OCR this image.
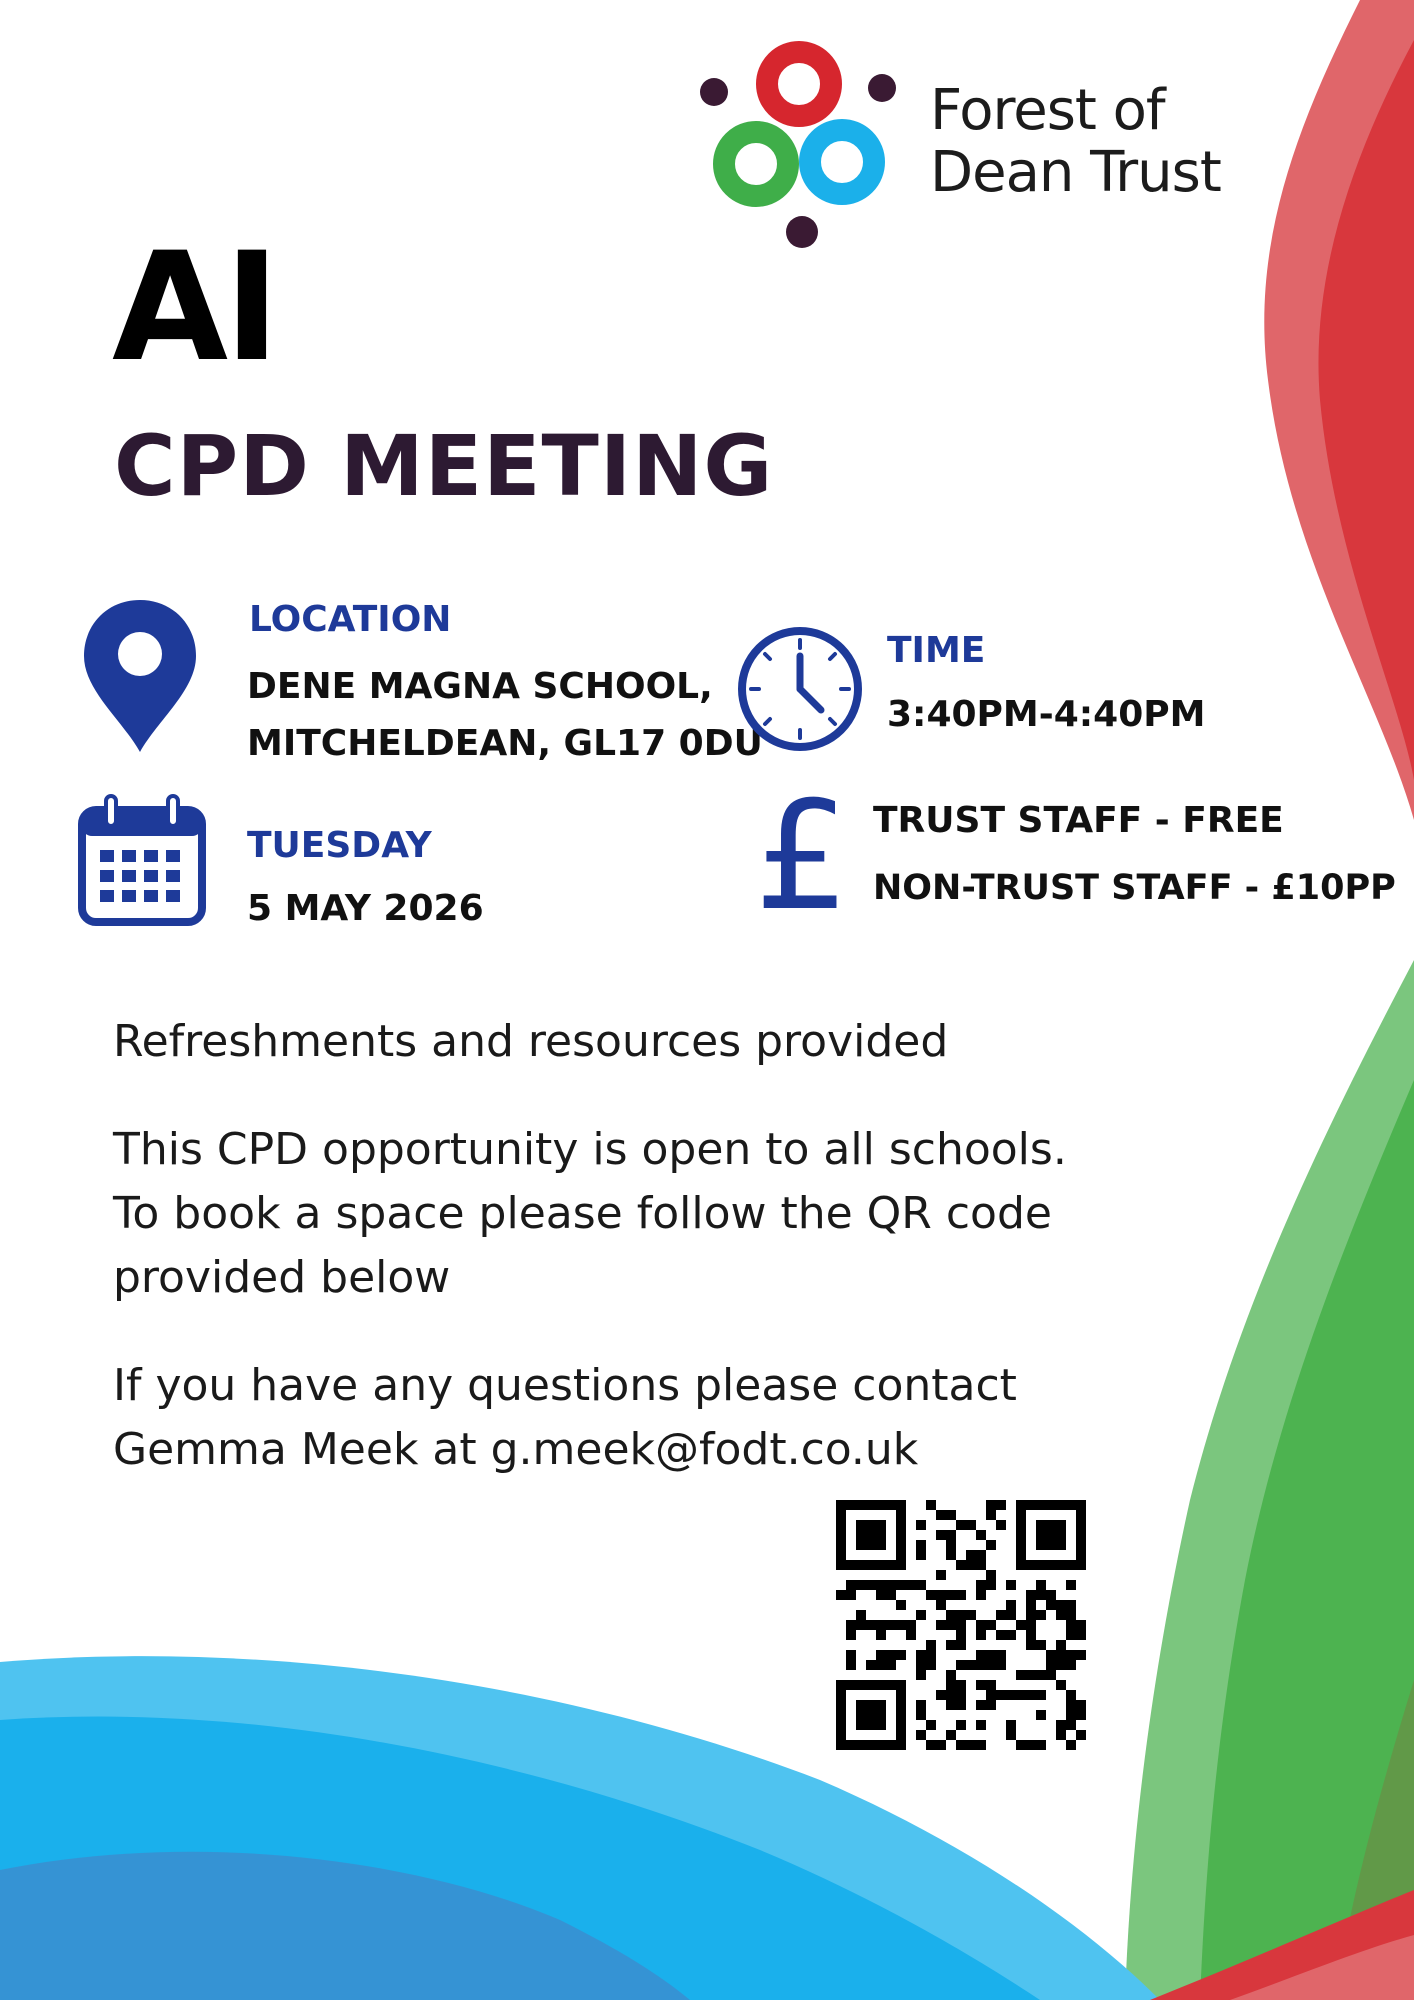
Forest of
Dean Trust
AI
CPD MEETING
LOCATION
DENE MAGNA SCHOOL,
MITCHELDEAN, GL17 0DU
TIME
3:40PM-4:40PM
TUESDAY
5 MAY 2026 £ TRUST STAFF - FREE
NON-TRUST STAFF - £10PP
Refreshments and resources provided
This CPD opportunity is open to all schools.
To book a space please follow the QR code
provided below
If you have any questions please contact
Gemma Meek at g.meek@fodt.co.uk
